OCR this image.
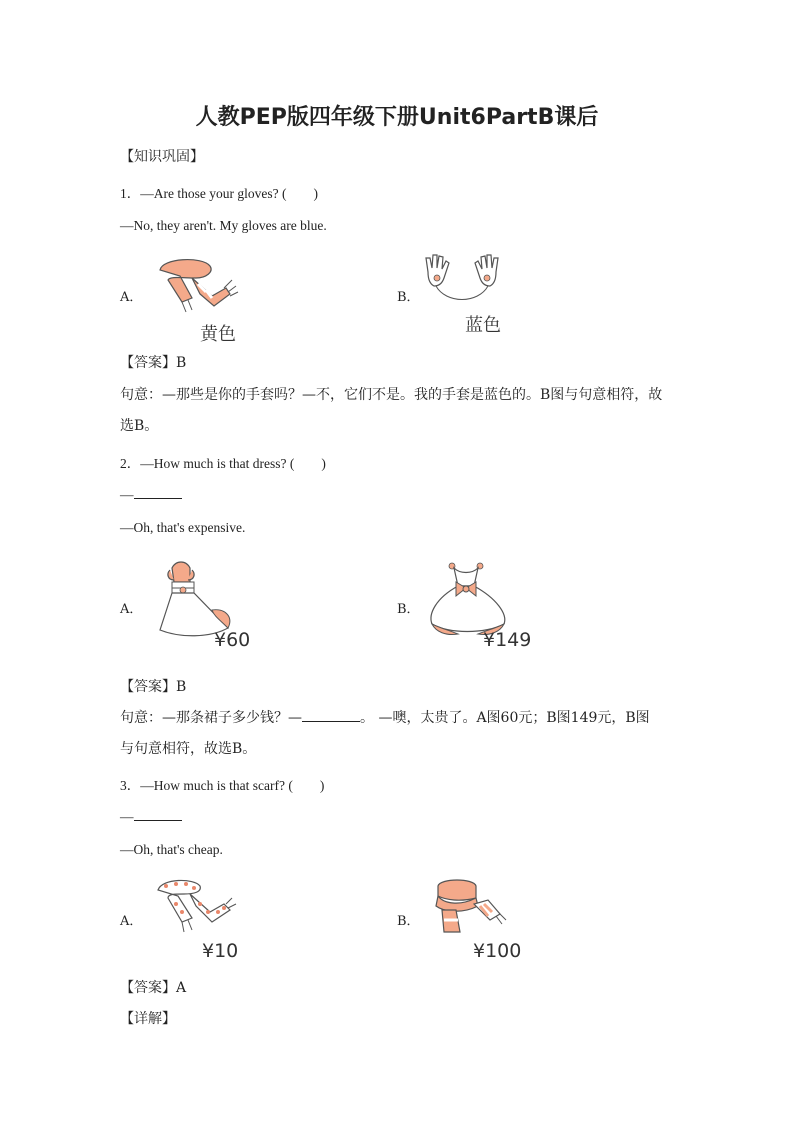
人教PEP版四年级下册Unit6PartB课后
【知识巩固】
1．—Are those your gloves? (　　)
—No, they aren't. My gloves are blue.
A．
黄色
B．
蓝色
【答案】B
句意：—那些是你的手套吗？—不，它们不是。我的手套是蓝色的。B图与句意相符，故
选B。
2．—How much is that dress? (　　)
—
—Oh, that's expensive.
A．
¥60
B．
¥149
【答案】B
句意：—那条裙子多少钱？—	。 —噢，太贵了。A图60元；B图149元，B图
与句意相符，故选B。
3．—How much is that scarf? (　　)
—
—Oh, that's cheap.
A．
¥10
B．
¥100
【答案】A
【详解】
